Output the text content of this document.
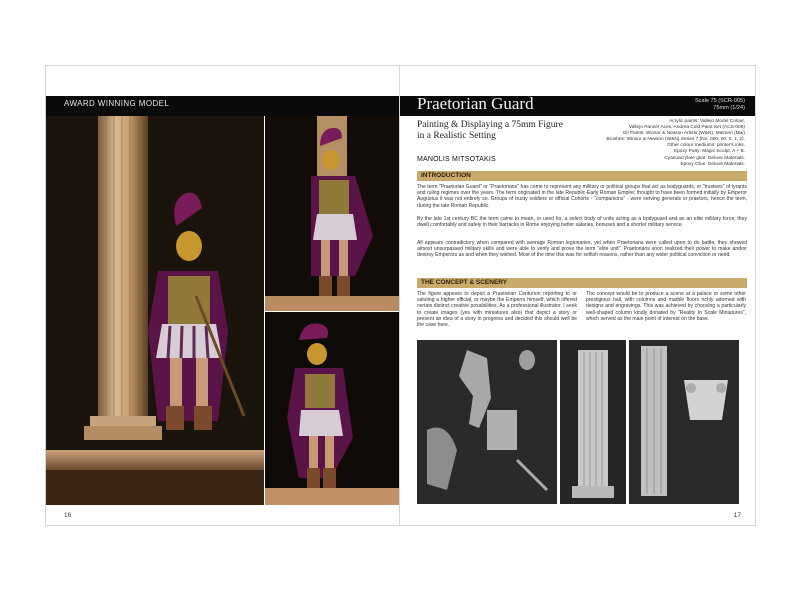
AWARD WINNING MODEL
16
Praetorian Guard	Scale 75 (SCR-005)
75mm (1/24)
Painting & Displaying a 75mm Figure
in a Realistic Setting
MANOLIS MITSOTAKIS
Acrylic paints: Vallejo Model Colour,
Vallejo Panzer Aces, Andrea Cold Paint Set (ACS-008)
Oil Paints: Winsor & Newton Artists (W&N), Maimeri (Mai)
Brushes: Winsor & Newton (W&N) Series 7 (No. 000, 00, 0, 1, 2).
Other colour mediums: printer's inks.
Epoxy Putty: Magic Sculpt, A + B.
Cyanoacrylate glue: Delove Materials.
Epoxy Glue: Delove Materials.
INTRODUCTION
The term "Praetorian Guard" or "Praetorians" has come to represent any military or political groups that act as bodyguards, or "trustees" of tyrants and ruling regimes over the years. The term originated in the late Republic-Early Roman Empire; thought to have been formed initially by Emperor Augustus it was not entirely so. Groups of trusty soldiers or official Cohorts - "companions" - were serving generals or praetors, hence the term, during the late Roman Republic.
By the late 1st century BC the term came to mean, or used for, a select body of units acting as a bodyguard and as an elite military force; they dwelt comfortably and safely in their barracks in Rome enjoying better salaries, bonuses and a shorter military service.
All appears contradictory when compared with average Roman legionaries, yet when Praetorians were called upon to do battle, they showed almost unsurpassed military skills and were able to verify and prove the term "elite unit". Praetorians soon realized their power to make and/or destroy Emperors as and when they wished. Most of the time this was for selfish reasons, rather than any wider political conviction or need.
THE CONCEPT & SCENERY
The figure appears to depict a Praetorian Centurion reporting to or saluting a higher official, or maybe the Emperor himself, which offered certain distinct creative possibilities. As a professional illustrator, I seek to create images (yes with miniatures also) that depict a story or present an idea of a story in progress and decided this should well be the case here.
The concept would be to produce a scene at a palace or some other prestigious hall, with columns and marble floors richly adorned with designs and engravings. This was achieved by choosing a particularly well-shaped column kindly donated by "Reality In Scale Miniatures", which served as the main point of interest on the base.
17
